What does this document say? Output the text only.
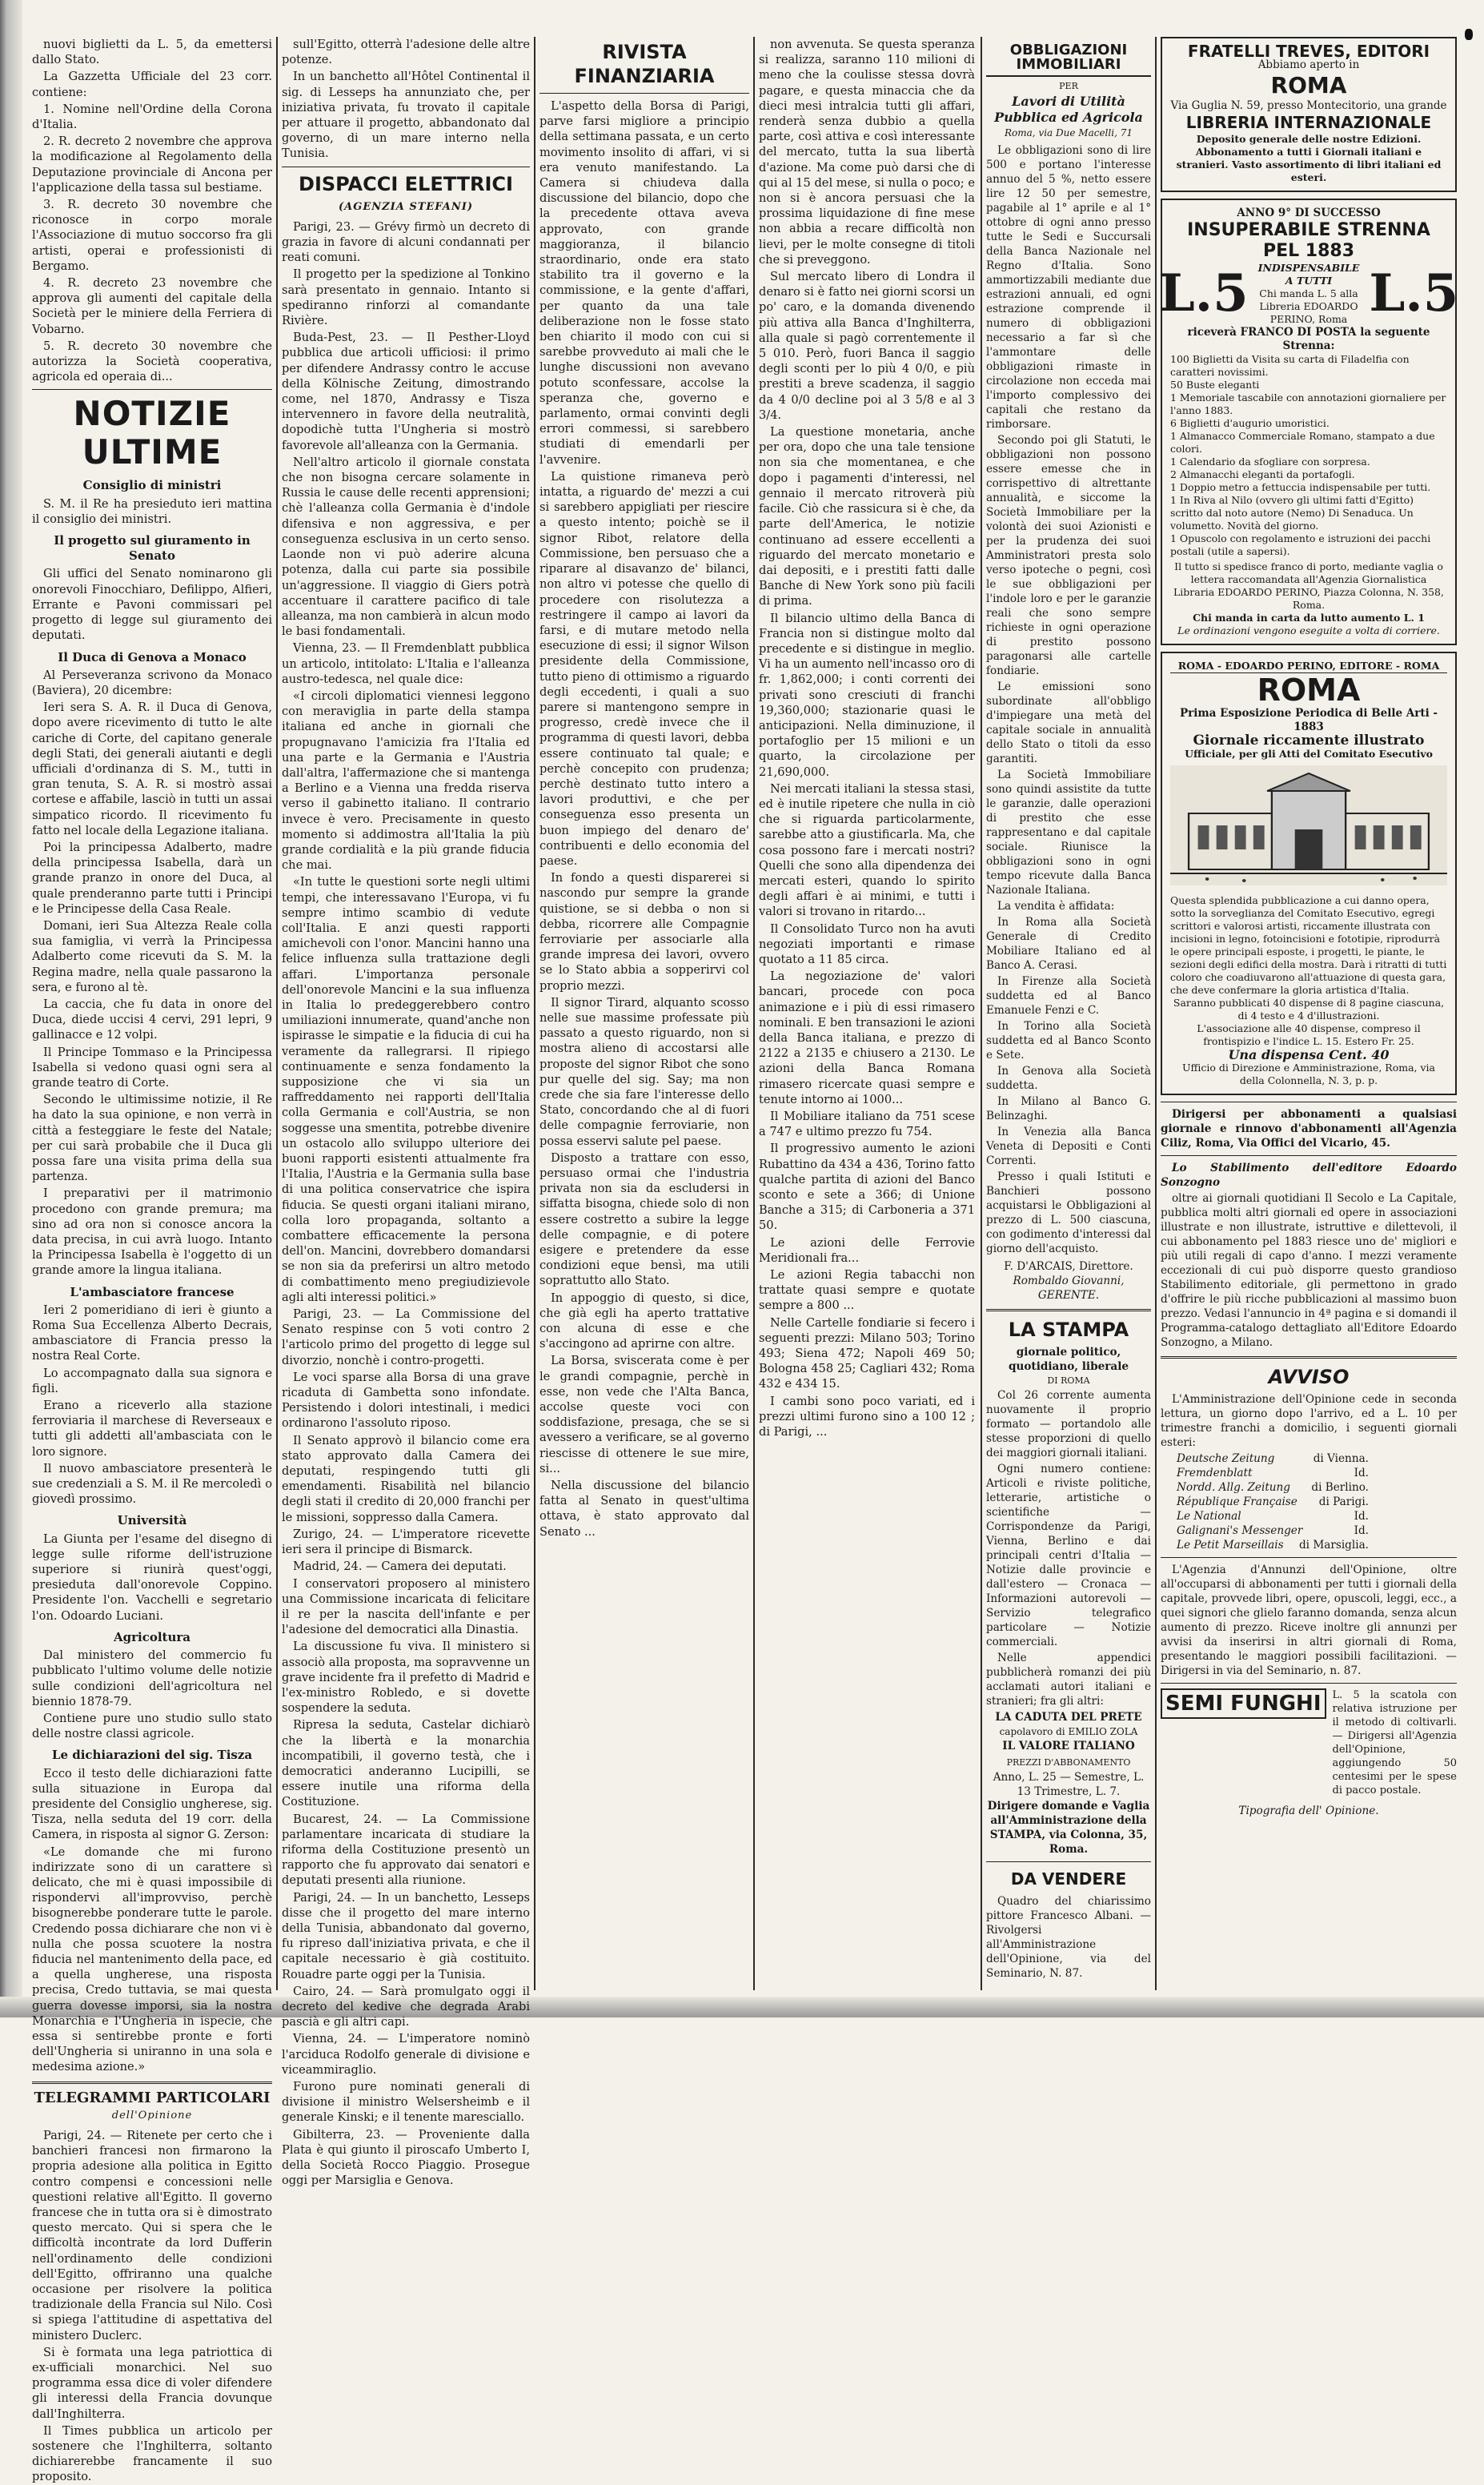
nuovi biglietti da L. 5, da emettersi dallo Stato.

La Gazzetta Ufficiale del 23 corr. contiene:

1. Nomine nell'Ordine della Corona d'Italia.

2. R. decreto 2 novembre che approva la modificazione al Regolamento della Deputazione provinciale di Ancona per l'applicazione della tassa sul bestiame.

3. R. decreto 30 novembre che riconosce in corpo morale l'Associazione di mutuo soccorso fra gli artisti, operai e professionisti di Bergamo.

4. R. decreto 23 novembre che approva gli aumenti del capitale della Società per le miniere della Ferriera di Vobarno.

5. R. decreto 30 novembre che autorizza la Società cooperativa, agricola ed operaia di...

NOTIZIE ULTIME
Consiglio di ministri

S. M. il Re ha presieduto ieri mattina il consiglio dei ministri.

Il progetto sul giuramento in Senato

Gli uffici del Senato nominarono gli onorevoli Finocchiaro, Defilippo, Alfieri, Errante e Pavoni commissari pel progetto di legge sul giuramento dei deputati.

Il Duca di Genova a Monaco

Al Perseveranza scrivono da Monaco (Baviera), 20 dicembre:

Ieri sera S. A. R. il Duca di Genova, dopo avere ricevimento di tutto le alte cariche di Corte, del capitano generale degli Stati, dei generali aiutanti e degli ufficiali d'ordinanza di S. M., tutti in gran tenuta, S. A. R. si mostrò assai cortese e affabile, lasciò in tutti un assai simpatico ricordo. Il ricevimento fu fatto nel locale della Legazione italiana.

Poi la principessa Adalberto, madre della principessa Isabella, darà un grande pranzo in onore del Duca, al quale prenderanno parte tutti i Principi e le Principesse della Casa Reale.

Domani, ieri Sua Altezza Reale colla sua famiglia, vi verrà la Principessa Adalberto come ricevuti da S. M. la Regina madre, nella quale passarono la sera, e furono al tè.

La caccia, che fu data in onore del Duca, diede uccisi 4 cervi, 291 lepri, 9 gallinacce e 12 volpi.

Il Principe Tommaso e la Principessa Isabella si vedono quasi ogni sera al grande teatro di Corte.

Secondo le ultimissime notizie, il Re ha dato la sua opinione, e non verrà in città a festeggiare le feste del Natale; per cui sarà probabile che il Duca gli possa fare una visita prima della sua partenza.

I preparativi per il matrimonio procedono con grande premura; ma sino ad ora non si conosce ancora la data precisa, in cui avrà luogo. Intanto la Principessa Isabella è l'oggetto di un grande amore la lingua italiana.

L'ambasciatore francese

Ieri 2 pomeridiano di ieri è giunto a Roma Sua Eccellenza Alberto Decrais, ambasciatore di Francia presso la nostra Real Corte.

Lo accompagnato dalla sua signora e figli.

Erano a riceverlo alla stazione ferroviaria il marchese di Reverseaux e tutti gli addetti all'ambasciata con le loro signore.

Il nuovo ambasciatore presenterà le sue credenziali a S. M. il Re mercoledì o giovedì prossimo.

Università

La Giunta per l'esame del disegno di legge sulle riforme dell'istruzione superiore si riunirà quest'oggi, presieduta dall'onorevole Coppino. Presidente l'on. Vacchelli e segretario l'on. Odoardo Luciani.

Agricoltura

Dal ministero del commercio fu pubblicato l'ultimo volume delle notizie sulle condizioni dell'agricoltura nel biennio 1878-79.

Contiene pure uno studio sullo stato delle nostre classi agricole.

Le dichiarazioni del sig. Tisza

Ecco il testo delle dichiarazioni fatte sulla situazione in Europa dal presidente del Consiglio ungherese, sig. Tisza, nella seduta del 19 corr. della Camera, in risposta al signor G. Zerson:

«Le domande che mi furono indirizzate sono di un carattere sì delicato, che mi è quasi impossibile di rispondervi all'improvviso, perchè bisognerebbe ponderare tutte le parole. Credendo possa dichiarare che non vi è nulla che possa scuotere la nostra fiducia nel mantenimento della pace, ed a quella ungherese, una risposta precisa, Credo tuttavia, se mai questa guerra dovesse imporsi, sia la nostra Monarchia e l'Ungheria in ispecie, che essa si sentirebbe pronte e forti dell'Ungheria si uniranno in una sola e medesima azione.»

TELEGRAMMI PARTICOLARI
dell'Opinione

Parigi, 24. — Ritenete per certo che i banchieri francesi non firmarono la propria adesione alla politica in Egitto contro compensi e concessioni nelle questioni relative all'Egitto. Il governo francese che in tutta ora si è dimostrato questo mercato. Qui si spera che le difficoltà incontrate da lord Dufferin nell'ordinamento delle condizioni dell'Egitto, offriranno una qualche occasione per risolvere la politica tradizionale della Francia sul Nilo. Così si spiega l'attitudine di aspettativa del ministero Duclerc.

Si è formata una lega patriottica di ex-ufficiali monarchici. Nel suo programma essa dice di voler difendere gli interessi della Francia dovunque dall'Inghilterra.

Il Times pubblica un articolo per sostenere che l'Inghilterra, soltanto dichiarerebbe francamente il suo proposito.

sull'Egitto, otterrà l'adesione delle altre potenze.

In un banchetto all'Hôtel Continental il sig. di Lesseps ha annunziato che, per iniziativa privata, fu trovato il capitale per attuare il progetto, abbandonato dal governo, di un mare interno nella Tunisia.

DISPACCI ELETTRICI
(AGENZIA STEFANI)

Parigi, 23. — Grévy firmò un decreto di grazia in favore di alcuni condannati per reati comuni.

Il progetto per la spedizione al Tonkino sarà presentato in gennaio. Intanto si spediranno rinforzi al comandante Rivière.

Buda-Pest, 23. — Il Pesther-Lloyd pubblica due articoli ufficiosi: il primo per difendere Andrassy contro le accuse della Kölnische Zeitung, dimostrando come, nel 1870, Andrassy e Tisza intervennero in favore della neutralità, dopodichè tutta l'Ungheria si mostrò favorevole all'alleanza con la Germania.

Nell'altro articolo il giornale constata che non bisogna cercare solamente in Russia le cause delle recenti apprensioni; chè l'alleanza colla Germania è d'indole difensiva e non aggressiva, e per conseguenza esclusiva in un certo senso. Laonde non vi può aderire alcuna potenza, dalla cui parte sia possibile un'aggressione. Il viaggio di Giers potrà accentuare il carattere pacifico di tale alleanza, ma non cambierà in alcun modo le basi fondamentali.

Vienna, 23. — Il Fremdenblatt pubblica un articolo, intitolato: L'Italia e l'alleanza austro-tedesca, nel quale dice:

«I circoli diplomatici viennesi leggono con meraviglia in parte della stampa italiana ed anche in giornali che propugnavano l'amicizia fra l'Italia ed una parte e la Germania e l'Austria dall'altra, l'affermazione che si mantenga a Berlino e a Vienna una fredda riserva verso il gabinetto italiano. Il contrario invece è vero. Precisamente in questo momento si addimostra all'Italia la più grande cordialità e la più grande fiducia che mai.

«In tutte le questioni sorte negli ultimi tempi, che interessavano l'Europa, vi fu sempre intimo scambio di vedute coll'Italia. E anzi questi rapporti amichevoli con l'onor. Mancini hanno una felice influenza sulla trattazione degli affari. L'importanza personale dell'onorevole Mancini e la sua influenza in Italia lo predeggerebbero contro umiliazioni innumerate, quand'anche non ispirasse le simpatie e la fiducia di cui ha veramente da rallegrarsi. Il ripiego continuamente e senza fondamento la supposizione che vi sia un raffreddamento nei rapporti dell'Italia colla Germania e coll'Austria, se non soggesse una smentita, potrebbe divenire un ostacolo allo sviluppo ulteriore dei buoni rapporti esistenti attualmente fra l'Italia, l'Austria e la Germania sulla base di una politica conservatrice che ispira fiducia. Se questi organi italiani mirano, colla loro propaganda, soltanto a combattere efficacemente la persona dell'on. Mancini, dovrebbero domandarsi se non sia da preferirsi un altro metodo di combattimento meno pregiudizievole agli alti interessi politici.»

Parigi, 23. — La Commissione del Senato respinse con 5 voti contro 2 l'articolo primo del progetto di legge sul divorzio, nonchè i contro-progetti.

Le voci sparse alla Borsa di una grave ricaduta di Gambetta sono infondate. Persistendo i dolori intestinali, i medici ordinarono l'assoluto riposo.

Il Senato approvò il bilancio come era stato approvato dalla Camera dei deputati, respingendo tutti gli emendamenti. Risabilità nel bilancio degli stati il credito di 20,000 franchi per le missioni, soppresso dalla Camera.

Zurigo, 24. — L'imperatore ricevette ieri sera il principe di Bismarck.

Madrid, 24. — Camera dei deputati.

I conservatori proposero al ministero una Commissione incaricata di felicitare il re per la nascita dell'infante e per l'adesione del democratici alla Dinastia.

La discussione fu viva. Il ministero si associò alla proposta, ma sopravvenne un grave incidente fra il prefetto di Madrid e l'ex-ministro Robledo, e si dovette sospendere la seduta.

Ripresa la seduta, Castelar dichiarò che la libertà e la monarchia incompatibili, il governo testà, che i democratici anderanno Lucipilli, se essere inutile una riforma della Costituzione.

Bucarest, 24. — La Commissione parlamentare incaricata di studiare la riforma della Costituzione presentò un rapporto che fu approvato dai senatori e deputati presenti alla riunione.

Parigi, 24. — In un banchetto, Lesseps disse che il progetto del mare interno della Tunisia, abbandonato dal governo, fu ripreso dall'iniziativa privata, e che il capitale necessario è già costituito. Rouadre parte oggi per la Tunisia.

Cairo, 24. — Sarà promulgato oggi il decreto del kedive che degrada Arabi pascià e gli altri capi.

Vienna, 24. — L'imperatore nominò l'arciduca Rodolfo generale di divisione e viceammiraglio.

Furono pure nominati generali di divisione il ministro Welsersheimb e il generale Kinski; e il tenente maresciallo.

Gibilterra, 23. — Proveniente dalla Plata è qui giunto il piroscafo Umberto I, della Società Rocco Piaggio. Prosegue oggi per Marsiglia e Genova.

RIVISTA FINANZIARIA

L'aspetto della Borsa di Parigi, parve farsi migliore a principio della settimana passata, e un certo movimento insolito di affari, vi si era venuto manifestando. La Camera si chiudeva dalla discussione del bilancio, dopo che la precedente ottava aveva approvato, con grande maggioranza, il bilancio straordinario, onde era stato stabilito tra il governo e la commissione, e la gente d'affari, per quanto da una tale deliberazione non le fosse stato ben chiarito il modo con cui si sarebbe provveduto ai mali che le lunghe discussioni non avevano potuto sconfessare, accolse la speranza che, governo e parlamento, ormai convinti degli errori commessi, si sarebbero studiati di emendarli per l'avvenire.

La quistione rimaneva però intatta, a riguardo de' mezzi a cui si sarebbero appigliati per riescire a questo intento; poichè se il signor Ribot, relatore della Commissione, ben persuaso che a riparare al disavanzo de' bilanci, non altro vi potesse che quello di procedere con risolutezza a restringere il campo ai lavori da farsi, e di mutare metodo nella esecuzione di essi; il signor Wilson presidente della Commissione, tutto pieno di ottimismo a riguardo degli eccedenti, i quali a suo parere si mantengono sempre in progresso, credè invece che il programma di questi lavori, debba essere continuato tal quale; e perchè concepito con prudenza; perchè destinato tutto intero a lavori produttivi, e che per conseguenza esso presenta un buon impiego del denaro de' contribuenti e dello economia del paese.

In fondo a questi disparerei si nascondo pur sempre la grande quistione, se si debba o non si debba, ricorrere alle Compagnie ferroviarie per associarle alla grande impresa dei lavori, ovvero se lo Stato abbia a sopperirvi col proprio mezzi.

Il signor Tirard, alquanto scosso nelle sue massime professate più passato a questo riguardo, non si mostra alieno di accostarsi alle proposte del signor Ribot che sono pur quelle del sig. Say; ma non crede che sia fare l'interesse dello Stato, concordando che al di fuori delle compagnie ferroviarie, non possa esservi salute pel paese.

Disposto a trattare con esso, persuaso ormai che l'industria privata non sia da escludersi in siffatta bisogna, chiede solo di non essere costretto a subire la legge delle compagnie, e di potere esigere e pretendere da esse condizioni eque bensì, ma utili soprattutto allo Stato.

In appoggio di questo, si dice, che già egli ha aperto trattative con alcuna di esse e che s'accingono ad aprirne con altre.

La Borsa, sviscerata come è per le grandi compagnie, perchè in esse, non vede che l'Alta Banca, accolse queste voci con soddisfazione, presaga, che se si avessero a verificare, se al governo riescisse di ottenere le sue mire, si...

Nella discussione del bilancio fatta al Senato in quest'ultima ottava, è stato approvato dal Senato ...

non avvenuta. Se questa speranza si realizza, saranno 110 milioni di meno che la coulisse stessa dovrà pagare, e questa minaccia che da dieci mesi intralcia tutti gli affari, renderà senza dubbio a quella parte, così attiva e così interessante del mercato, tutta la sua libertà d'azione. Ma come può darsi che di qui al 15 del mese, si nulla o poco; e non si è ancora persuasi che la prossima liquidazione di fine mese non abbia a recare difficoltà non lievi, per le molte consegne di titoli che si preveggono.

Sul mercato libero di Londra il denaro si è fatto nei giorni scorsi un po' caro, e la domanda divenendo più attiva alla Banca d'Inghilterra, alla quale si pagò correntemente il 5 010. Però, fuori Banca il saggio degli sconti per lo più 4 0/0, e più prestiti a breve scadenza, il saggio da 4 0/0 decline poi al 3 5/8 e al 3 3/4.

La questione monetaria, anche per ora, dopo che una tale tensione non sia che momentanea, e che dopo i pagamenti d'interessi, nel gennaio il mercato ritroverà più facile. Ciò che rassicura si è che, da parte dell'America, le notizie continuano ad essere eccellenti a riguardo del mercato monetario e dai depositi, e i prestiti fatti dalle Banche di New York sono più facili di prima.

Il bilancio ultimo della Banca di Francia non si distingue molto dal precedente e si distingue in meglio. Vi ha un aumento nell'incasso oro di fr. 1,862,000; i conti correnti dei privati sono cresciuti di franchi 19,360,000; stazionarie quasi le anticipazioni. Nella diminuzione, il portafoglio per 15 milioni e un quarto, la circolazione per 21,690,000.

Nei mercati italiani la stessa stasi, ed è inutile ripetere che nulla in ciò che si riguarda particolarmente, sarebbe atto a giustificarla. Ma, che cosa possono fare i mercati nostri? Quelli che sono alla dipendenza dei mercati esteri, quando lo spirito degli affari è ai minimi, e tutti i valori si trovano in ritardo...

Il Consolidato Turco non ha avuti negoziati importanti e rimase quotato a 11 85 circa.

La negoziazione de' valori bancari, procede con poca animazione e i più di essi rimasero nominali. E ben transazioni le azioni della Banca italiana, e prezzo di 2122 a 2135 e chiusero a 2130. Le azioni della Banca Romana rimasero ricercate quasi sempre e tenute intorno ai 1000...

Il Mobiliare italiano da 751 scese a 747 e ultimo prezzo fu 754.

Il progressivo aumento le azioni Rubattino da 434 a 436, Torino fatto qualche partita di azioni del Banco sconto e sete a 366; di Unione Banche a 315; di Carboneria a 371 50.

Le azioni delle Ferrovie Meridionali fra...

Le azioni Regia tabacchi non trattate quasi sempre e quotate sempre a 800 ...

Nelle Cartelle fondiarie si fecero i seguenti prezzi: Milano 503; Torino 493; Siena 472; Napoli 469 50; Bologna 458 25; Cagliari 432; Roma 432 e 434 15.

I cambi sono poco variati, ed i prezzi ultimi furono sino a 100 12 ; di Parigi, ...

OBBLIGAZIONI IMMOBILIARI
PER
Lavori di Utilità Pubblica ed Agricola
Roma, via Due Macelli, 71

Le obbligazioni sono di lire 500 e portano l'interesse annuo del 5 %, netto essere lire 12 50 per semestre, pagabile al 1° aprile e al 1° ottobre di ogni anno presso tutte le Sedi e Succursali della Banca Nazionale nel Regno d'Italia. Sono ammortizzabili mediante due estrazioni annuali, ed ogni estrazione comprende il numero di obbligazioni necessario a far sì che l'ammontare delle obbligazioni rimaste in circolazione non ecceda mai l'importo complessivo dei capitali che restano da rimborsare.

Secondo poi gli Statuti, le obbligazioni non possono essere emesse che in corrispettivo di altrettante annualità, e siccome la Società Immobiliare per la volontà dei suoi Azionisti e per la prudenza dei suoi Amministratori presta solo verso ipoteche o pegni, così le sue obbligazioni per l'indole loro e per le garanzie reali che sono sempre richieste in ogni operazione di prestito possono paragonarsi alle cartelle fondiarie.

Le emissioni sono subordinate all'obbligo d'impiegare una metà del capitale sociale in annualità dello Stato o titoli da esso garantiti.

La Società Immobiliare sono quindi assistite da tutte le garanzie, dalle operazioni di prestito che esse rappresentano e dal capitale sociale. Riunisce la obbligazioni sono in ogni tempo ricevute dalla Banca Nazionale Italiana.

La vendita è affidata:

In Roma alla Società Generale di Credito Mobiliare Italiano ed al Banco A. Cerasi.

In Firenze alla Società suddetta ed al Banco Emanuele Fenzi e C.

In Torino alla Società suddetta ed al Banco Sconto e Sete.

In Genova alla Società suddetta.

In Milano al Banco G. Belinzaghi.

In Venezia alla Banca Veneta di Depositi e Conti Correnti.

Presso i quali Istituti e Banchieri possono acquistarsi le Obbligazioni al prezzo di L. 500 ciascuna, con godimento d'interessi dal giorno dell'acquisto.

F. D'ARCAIS, Direttore.
Rombaldo Giovanni, GERENTE.
LA STAMPA
giornale politico, quotidiano, liberale
DI ROMA

Col 26 corrente aumenta nuovamente il proprio formato — portandolo alle stesse proporzioni di quello dei maggiori giornali italiani.

Ogni numero contiene: Articoli e riviste politiche, letterarie, artistiche o scientifiche — Corrispondenze da Parigi, Vienna, Berlino e dai principali centri d'Italia — Notizie dalle provincie e dall'estero — Cronaca — Informazioni autorevoli — Servizio telegrafico particolare — Notizie commerciali.

Nelle appendici pubblicherà romanzi dei più acclamati autori italiani e stranieri; fra gli altri:

LA CADUTA DEL PRETE
capolavoro di EMILIO ZOLA
IL VALORE ITALIANO
PREZZI D'ABBONAMENTO
Anno, L. 25 — Semestre, L. 13 Trimestre, L. 7.
Dirigere domande e Vaglia all'Amministrazione della STAMPA, via Colonna, 35, Roma.
DA VENDERE

Quadro del chiarissimo pittore Francesco Albani. — Rivolgersi all'Amministrazione dell'Opinione, via del Seminario, N. 87.

FRATELLI TREVES, EDITORI
Abbiamo aperto in
ROMA
Via Guglia N. 59, presso Montecitorio, una grande
LIBRERIA INTERNAZIONALE
Deposito generale delle nostre Edizioni. Abbonamento a tutti i Giornali italiani e stranieri. Vasto assortimento di libri italiani ed esteri.
ANNO 9° DI SUCCESSO
INSUPERABILE STRENNA PEL 1883
L.5 INDISPENSABILE A TUTTI
Chi manda L. 5 alla Libreria EDOARDO PERINO, Roma L.5
riceverà FRANCO DI POSTA la seguente Strenna:
100 Biglietti da Visita su carta di Filadelfia con caratteri novissimi.
50 Buste eleganti
1 Memoriale tascabile con annotazioni giornaliere per l'anno 1883.
6 Biglietti d'augurio umoristici.
1 Almanacco Commerciale Romano, stampato a due colori.
1 Calendario da sfogliare con sorpresa.
2 Almanacchi eleganti da portafogli.
1 Doppio metro a fettuccia indispensabile per tutti.
1 In Riva al Nilo (ovvero gli ultimi fatti d'Egitto) scritto dal noto autore (Nemo) Di Senaduca. Un volumetto. Novità del giorno.
1 Opuscolo con regolamento e istruzioni dei pacchi postali (utile a sapersi).
Il tutto si spedisce franco di porto, mediante vaglia o lettera raccomandata all'Agenzia Giornalistica Libraria EDOARDO PERINO, Piazza Colonna, N. 358, Roma.
Chi manda in carta da lutto aumento L. 1
Le ordinazioni vengono eseguite a volta di corriere.
ROMA - EDOARDO PERINO, EDITORE - ROMA
ROMA
Prima Esposizione Periodica di Belle Arti - 1883
Giornale riccamente illustrato
Ufficiale, per gli Atti del Comitato Esecutivo
Questa splendida pubblicazione a cui danno opera, sotto la sorveglianza del Comitato Esecutivo, egregi scrittori e valorosi artisti, riccamente illustrata con incisioni in legno, fotoincisioni e fototipie, riprodurrà le opere principali esposte, i progetti, le piante, le sezioni degli edifici della mostra. Darà i ritratti di tutti coloro che coadiuvarono all'attuazione di questa gara, che deve confermare la gloria artistica d'Italia.
Saranno pubblicati 40 dispense di 8 pagine ciascuna, di 4 testo e 4 d'illustrazioni.
L'associazione alle 40 dispense, compreso il frontispizio e l'indice L. 15. Estero Fr. 25.
Una dispensa Cent. 40
Ufficio di Direzione e Amministrazione, Roma, via della Colonnella, N. 3, p. p.

Dirigersi per abbonamenti a qualsiasi giornale e rinnovo d'abbonamenti all'Agenzia Ciliz, Roma, Via Offici del Vicario, 45.

Lo Stabilimento dell'editore Edoardo Sonzogno

oltre ai giornali quotidiani Il Secolo e La Capitale, pubblica molti altri giornali ed opere in associazioni illustrate e non illustrate, istruttive e dilettevoli, il cui abbonamento pel 1883 riesce uno de' migliori e più utili regali di capo d'anno. I mezzi veramente eccezionali di cui può disporre questo grandioso Stabilimento editoriale, gli permettono in grado d'offrire le più ricche pubblicazioni al massimo buon prezzo. Vedasi l'annuncio in 4ª pagina e si domandi il Programma-catalogo dettagliato all'Editore Edoardo Sonzogno, a Milano.

AVVISO

L'Amministrazione dell'Opinione cede in seconda lettura, un giorno dopo l'arrivo, ed a L. 10 per trimestre franchi a domicilio, i seguenti giornali esteri:

Deutsche Zeitung	di Vienna.
Fremdenblatt	Id.
Nordd. Allg. Zeitung di Berlino.
République Française di Parigi.
Le National	Id.
Galignani's Messenger	Id.
Le Petit Marseillais di Marsiglia.

L'Agenzia d'Annunzi dell'Opinione, oltre all'occuparsi di abbonamenti per tutti i giornali della capitale, provvede libri, opere, opuscoli, leggi, ecc., a quei signori che glielo faranno domanda, senza alcun aumento di prezzo. Riceve inoltre gli annunzi per avvisi da inserirsi in altri giornali di Roma, presentando le maggiori possibili facilitazioni. — Dirigersi in via del Seminario, n. 87.

SEMI FUNGHI	L. 5 la scatola con relativa istruzione per il metodo di coltivarli. — Dirigersi all'Agenzia dell'Opinione, aggiungendo 50 centesimi per le spese di pacco postale.
Tipografia dell' Opinione.
